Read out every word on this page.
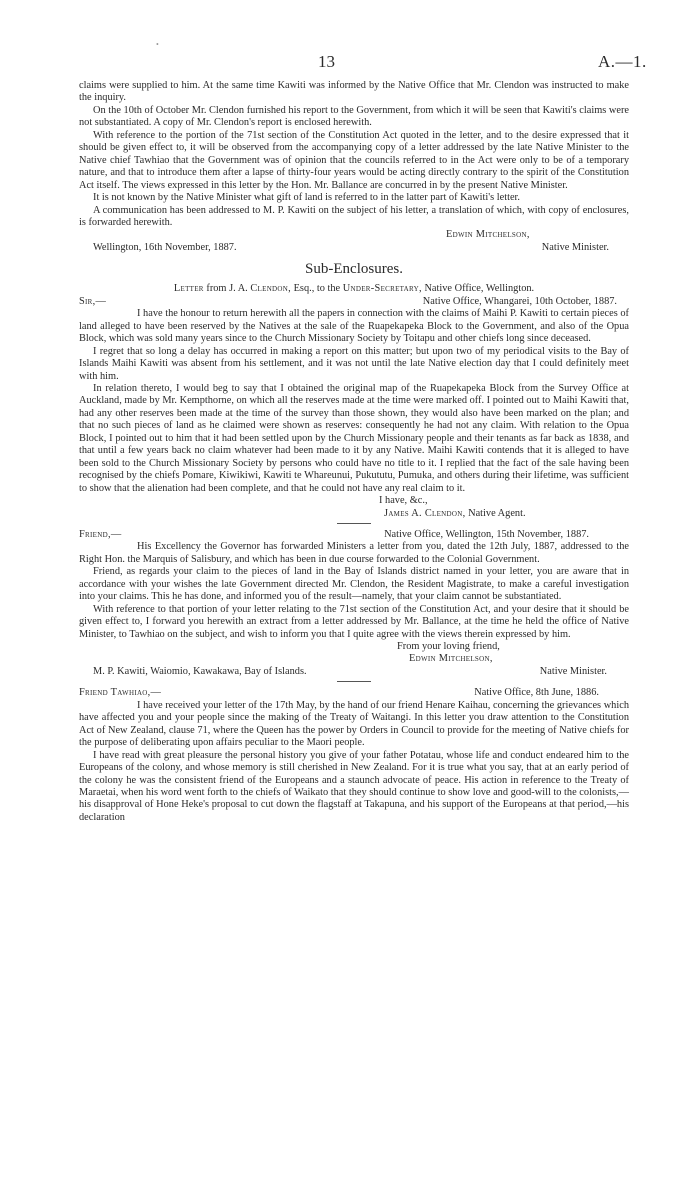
•
13	A.—1.

claims were supplied to him. At the same time Kawiti was informed by the Native Office that Mr. Clendon was instructed to make the inquiry.

On the 10th of October Mr. Clendon furnished his report to the Government, from which it will be seen that Kawiti's claims were not substantiated. A copy of Mr. Clendon's report is enclosed herewith.

With reference to the portion of the 71st section of the Constitution Act quoted in the letter, and to the desire expressed that it should be given effect to, it will be observed from the accompanying copy of a letter addressed by the late Native Minister to the Native chief Tawhiao that the Government was of opinion that the councils referred to in the Act were only to be of a temporary nature, and that to introduce them after a lapse of thirty-four years would be acting directly contrary to the spirit of the Constitution Act itself. The views expressed in this letter by the Hon. Mr. Ballance are concurred in by the present Native Minister.

It is not known by the Native Minister what gift of land is referred to in the latter part of Kawiti's letter.

A communication has been addressed to M. P. Kawiti on the subject of his letter, a translation of which, with copy of enclosures, is forwarded herewith.

Edwin Mitchelson,

Wellington, 16th November, 1887.	Native Minister.
Sub-Enclosures.

Letter from J. A. Clendon, Esq., to the Under-Secretary, Native Office, Wellington.

Sir,—	Native Office, Whangarei, 10th October, 1887.

I have the honour to return herewith all the papers in connection with the claims of Maihi P. Kawiti to certain pieces of land alleged to have been reserved by the Natives at the sale of the Ruapekapeka Block to the Government, and also of the Opua Block, which was sold many years since to the Church Missionary Society by Toitapu and other chiefs long since deceased.

I regret that so long a delay has occurred in making a report on this matter; but upon two of my periodical visits to the Bay of Islands Maihi Kawiti was absent from his settlement, and it was not until the late Native election day that I could definitely meet with him.

In relation thereto, I would beg to say that I obtained the original map of the Ruapekapeka Block from the Survey Office at Auckland, made by Mr. Kempthorne, on which all the reserves made at the time were marked off. I pointed out to Maihi Kawiti that, had any other reserves been made at the time of the survey than those shown, they would also have been marked on the plan; and that no such pieces of land as he claimed were shown as reserves: consequently he had not any claim. With relation to the Opua Block, I pointed out to him that it had been settled upon by the Church Missionary people and their tenants as far back as 1838, and that until a few years back no claim whatever had been made to it by any Native. Maihi Kawiti contends that it is alleged to have been sold to the Church Missionary Society by persons who could have no title to it. I replied that the fact of the sale having been recognised by the chiefs Pomare, Kiwikiwi, Kawiti te Whareunui, Pukututu, Pumuka, and others during their lifetime, was sufficient to show that the alienation had been complete, and that he could not have any real claim to it.

I have, &c.,

James A. Clendon, Native Agent.

Friend,—	Native Office, Wellington, 15th November, 1887.

His Excellency the Governor has forwarded Ministers a letter from you, dated the 12th July, 1887, addressed to the Right Hon. the Marquis of Salisbury, and which has been in due course forwarded to the Colonial Government.

Friend, as regards your claim to the pieces of land in the Bay of Islands district named in your letter, you are aware that in accordance with your wishes the late Government directed Mr. Clendon, the Resident Magistrate, to make a careful investigation into your claims. This he has done, and informed you of the result—namely, that your claim cannot be substantiated.

With reference to that portion of your letter relating to the 71st section of the Constitution Act, and your desire that it should be given effect to, I forward you herewith an extract from a letter addressed by Mr. Ballance, at the time he held the office of Native Minister, to Tawhiao on the subject, and wish to inform you that I quite agree with the views therein expressed by him.

From your loving friend,

Edwin Mitchelson,

M. P. Kawiti, Waiomio, Kawakawa, Bay of Islands.	Native Minister.
Friend Tawhiao,—	Native Office, 8th June, 1886.

I have received your letter of the 17th May, by the hand of our friend Henare Kaihau, concerning the grievances which have affected you and your people since the making of the Treaty of Waitangi. In this letter you draw attention to the Constitution Act of New Zealand, clause 71, where the Queen has the power by Orders in Council to provide for the meeting of Native chiefs for the purpose of deliberating upon affairs peculiar to the Maori people.

I have read with great pleasure the personal history you give of your father Potatau, whose life and conduct endeared him to the Europeans of the colony, and whose memory is still cherished in New Zealand. For it is true what you say, that at an early period of the colony he was the consistent friend of the Europeans and a staunch advocate of peace. His action in reference to the Treaty of Maraetai, when his word went forth to the chiefs of Waikato that they should continue to show love and good-will to the colonists,—his disapproval of Hone Heke's proposal to cut down the flagstaff at Takapuna, and his support of the Europeans at that period,—his declaration
